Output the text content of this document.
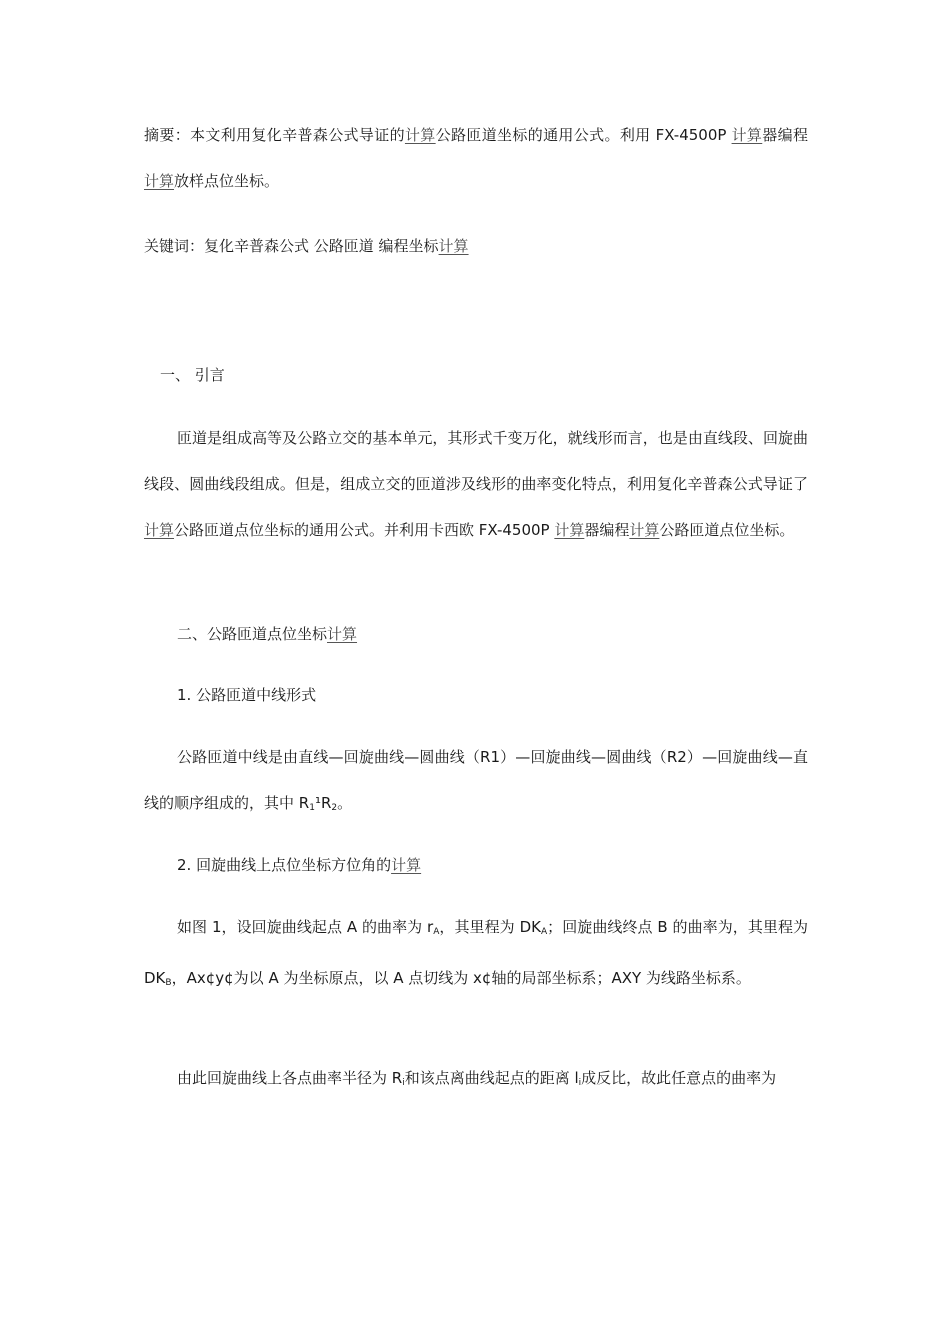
摘要：本文利用复化辛普森公式导证的计算公路匝道坐标的通用公式。利用 FX-4500P 计算器编程计算放样点位坐标。

关键词：复化辛普森公式 公路匝道 编程坐标计算

一、 引言

匝道是组成高等及公路立交的基本单元，其形式千变万化，就线形而言，也是由直线段、回旋曲线段、圆曲线段组成。但是，组成立交的匝道涉及线形的曲率变化特点，利用复化辛普森公式导证了计算公路匝道点位坐标的通用公式。并利用卡西欧 FX-4500P 计算器编程计算公路匝道点位坐标。

二、公路匝道点位坐标计算

1. 公路匝道中线形式

公路匝道中线是由直线—回旋曲线—圆曲线（R1）—回旋曲线—圆曲线（R2）—回旋曲线—直线的顺序组成的，其中 $R_1^1R_2$。

2. 回旋曲线上点位坐标方位角的计算

如图 1，设回旋曲线起点 A 的曲率为 $r_A$，其里程为 $DK_A$；回旋曲线终点 B 的曲率为，其里程为 $DK_B$，Ax¢y¢为以 A 为坐标原点，以 A 点切线为 x¢轴的局部坐标系；AXY 为线路坐标系。

由此回旋曲线上各点曲率半径为 $R_i$和该点离曲线起点的距离 $l_i$成反比，故此任意点的曲率为
